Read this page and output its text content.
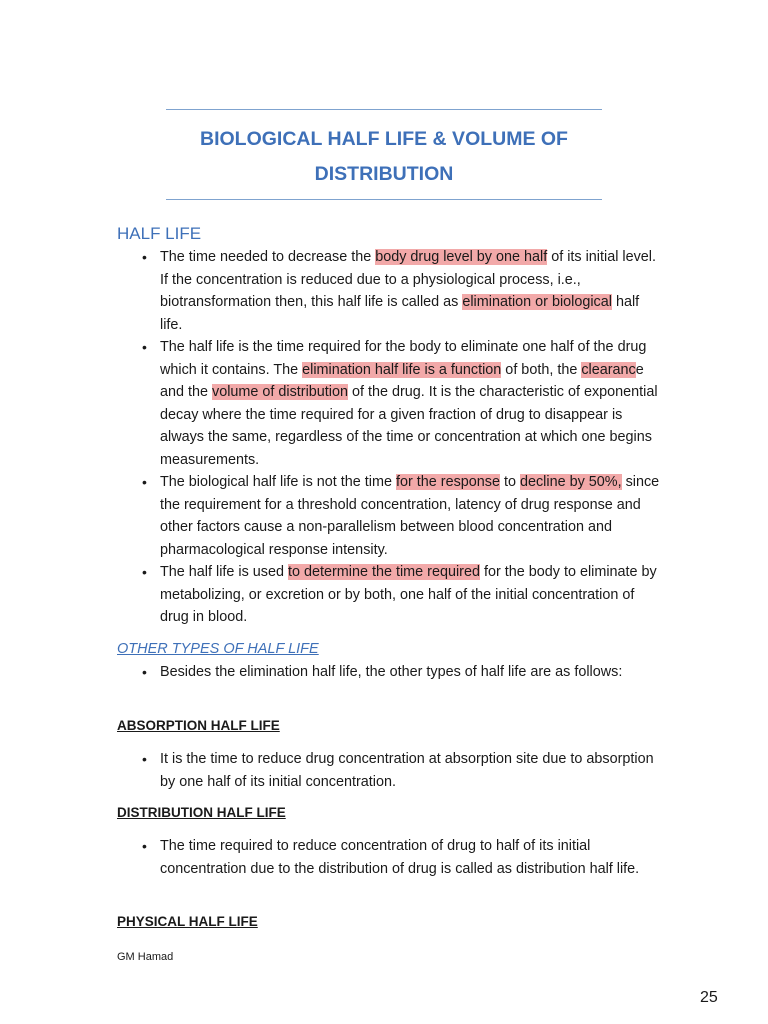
BIOLOGICAL HALF LIFE & VOLUME OF DISTRIBUTION
HALF LIFE
• The time needed to decrease the body drug level by one half of its initial level. If the concentration is reduced due to a physiological process, i.e., biotransformation then, this half life is called as elimination or biological half life.
• The half life is the time required for the body to eliminate one half of the drug which it contains. The elimination half life is a function of both, the clearance and the volume of distribution of the drug. It is the characteristic of exponential decay where the time required for a given fraction of drug to disappear is always the same, regardless of the time or concentration at which one begins measurements.
• The biological half life is not the time for the response to decline by 50%, since the requirement for a threshold concentration, latency of drug response and other factors cause a non-parallelism between blood concentration and pharmacological response intensity.
• The half life is used to determine the time required for the body to eliminate by metabolizing, or excretion or by both, one half of the initial concentration of drug in blood.
OTHER TYPES OF HALF LIFE
• Besides the elimination half life, the other types of half life are as follows:
ABSORPTION HALF LIFE
• It is the time to reduce drug concentration at absorption site due to absorption by one half of its initial concentration.
DISTRIBUTION HALF LIFE
• The time required to reduce concentration of drug to half of its initial concentration due to the distribution of drug is called as distribution half life.
PHYSICAL HALF LIFE
GM Hamad
25
